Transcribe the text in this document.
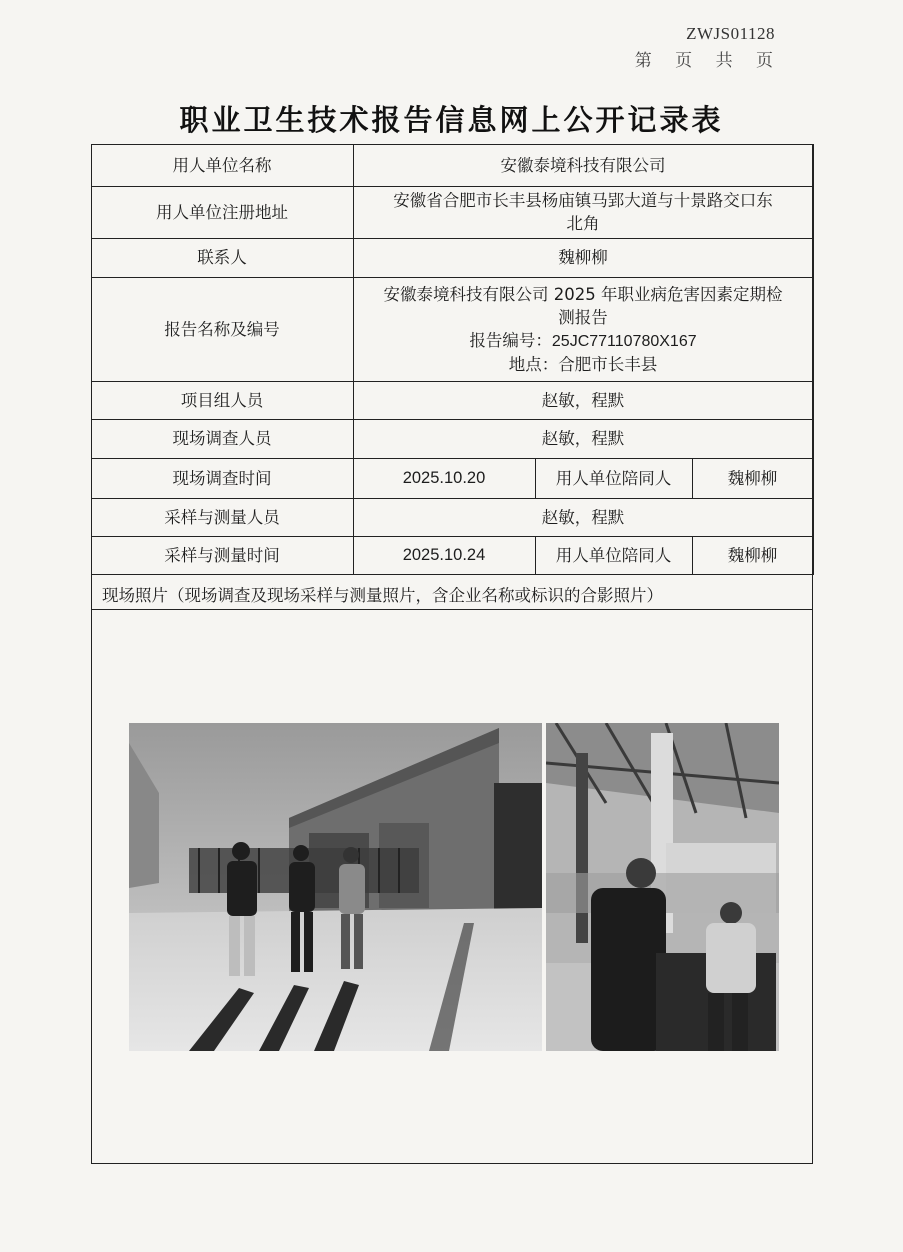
ZWJS01128
第 页 共 页
职业卫生技术报告信息网上公开记录表
用人单位名称	安徽泰境科技有限公司		
用人单位注册地址	安徽省合肥市长丰县杨庙镇马郢大道与十景路交口东
北角		

联系人	魏柳柳		
报告名称及编号	安徽泰境科技有限公司 2025 年职业病危害因素定期检
测报告
报告编号：25JC77110780X167
地点：合肥市长丰县		

项目组人员	赵敏，程默		
现场调查人员	赵敏，程默		
现场调查时间	2025.10.20	用人单位陪同人	魏柳柳
采样与测量人员	赵敏，程默		
采样与测量时间	2025.10.24	用人单位陪同人	魏柳柳
现场照片（现场调查及现场采样与测量照片，含企业名称或标识的合影照片）
